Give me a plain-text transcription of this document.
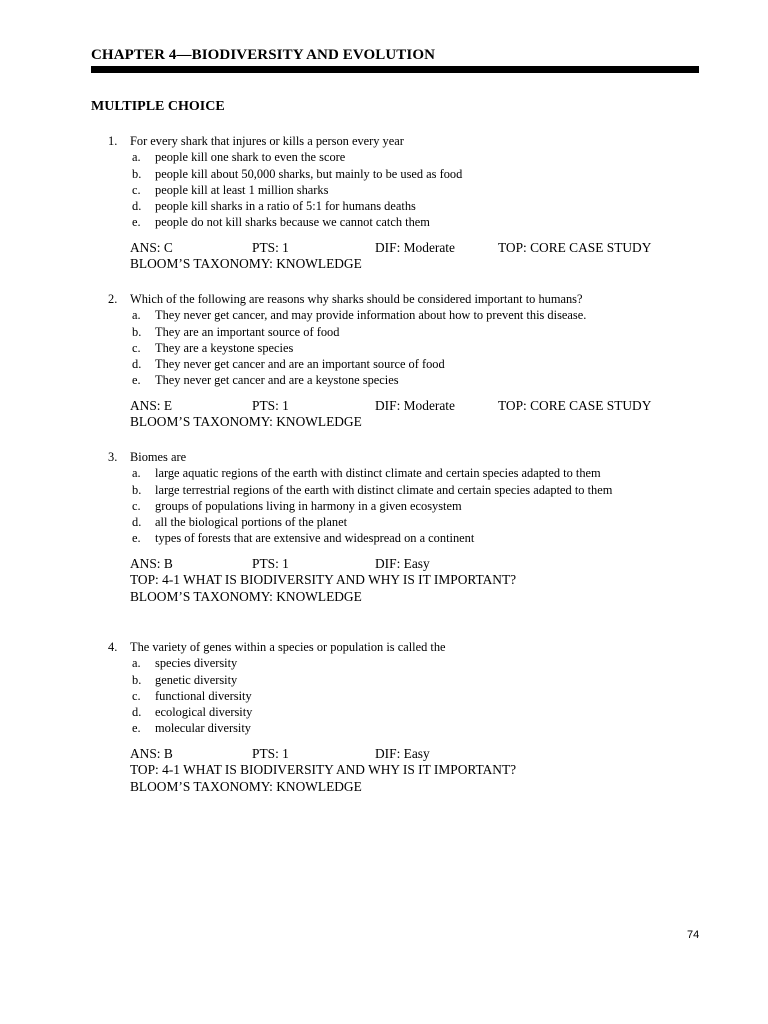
CHAPTER 4—BIODIVERSITY AND EVOLUTION
MULTIPLE CHOICE
1.	For every shark that injures or kills a person every year
a. people kill one shark to even the score
b. people kill about 50,000 sharks, but mainly to be used as food
c. people kill at least 1 million sharks
d. people kill sharks in a ratio of 5:1 for humans deaths
e. people do not kill sharks because we cannot catch them
ANS: C	PTS: 1	DIF: Moderate	TOP: CORE CASE STUDY
BLOOM’S TAXONOMY: KNOWLEDGE
2.	Which of the following are reasons why sharks should be considered important to humans?
a. They never get cancer, and may provide information about how to prevent this disease.
b. They are an important source of food
c. They are a keystone species
d. They never get cancer and are an important source of food
e. They never get cancer and are a keystone species
ANS: E	PTS: 1	DIF: Moderate	TOP: CORE CASE STUDY
BLOOM’S TAXONOMY: KNOWLEDGE
3.	Biomes are
a. large aquatic regions of the earth with distinct climate and certain species adapted to them
b. large terrestrial regions of the earth with distinct climate and certain species adapted to them
c. groups of populations living in harmony in a given ecosystem
d. all the biological portions of the planet
e. types of forests that are extensive and widespread on a continent
ANS: B	PTS: 1	DIF: Easy
TOP: 4-1 WHAT IS BIODIVERSITY AND WHY IS IT IMPORTANT?
BLOOM’S TAXONOMY: KNOWLEDGE
4.	The variety of genes within a species or population is called the
a. species diversity
b. genetic diversity
c. functional diversity
d. ecological diversity
e. molecular diversity
ANS: B	PTS: 1	DIF: Easy
TOP: 4-1 WHAT IS BIODIVERSITY AND WHY IS IT IMPORTANT?
BLOOM’S TAXONOMY: KNOWLEDGE
74
